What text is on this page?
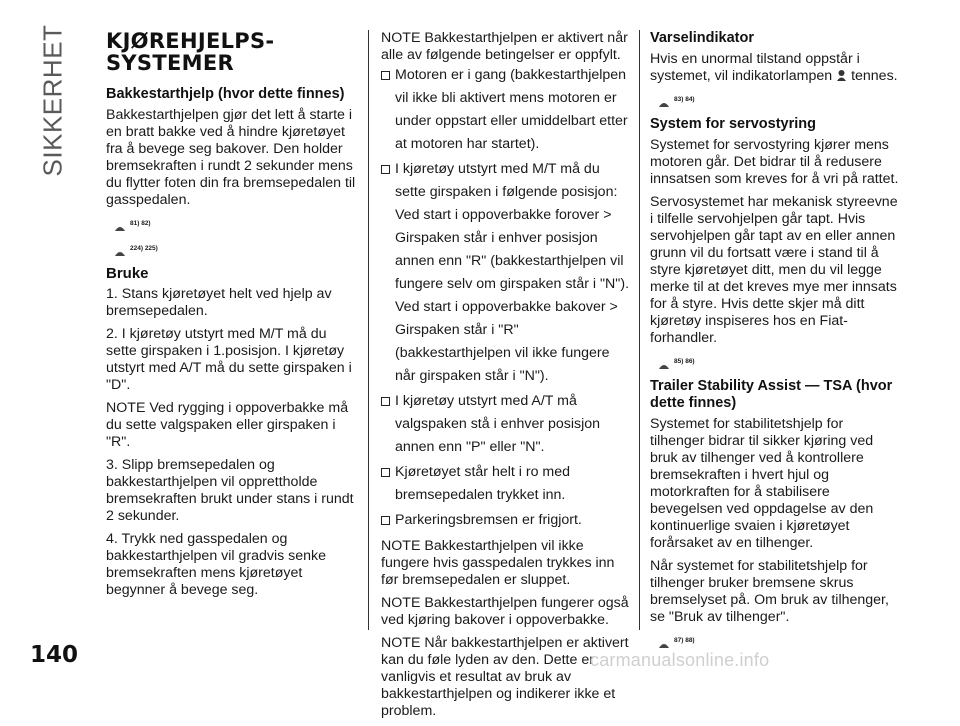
SIKKERHET KJØREHJELPS-
SYSTEMER
Bakkestarthjelp (hvor dette finnes)

Bakkestarthjelpen gjør det lett å starte i en bratt bakke ved å hindre kjøretøyet fra å bevege seg bakover. Den holder bremsekraften i rundt 2 sekunder mens du flytter foten din fra bremsepedalen til gasspedalen.

81) 82)
224) 225)
Bruke

1. Stans kjøretøyet helt ved hjelp av bremsepedalen.

2. I kjøretøy utstyrt med M/T må du sette girspaken i 1.posisjon. I kjøretøy utstyrt med A/T må du sette girspaken i "D".

NOTE Ved rygging i oppoverbakke må du sette valgspaken eller girspaken i "R".

3. Slipp bremsepedalen og bakkestarthjelpen vil opprettholde bremsekraften brukt under stans i rundt 2 sekunder.

4. Trykk ned gasspedalen og bakkestarthjelpen vil gradvis senke bremsekraften mens kjøretøyet begynner å bevege seg.

NOTE Bakkestarthjelpen er aktivert når alle av følgende betingelser er oppfylt.

Motoren er i gang (bakkestarthjelpen vil ikke bli aktivert mens motoren er under oppstart eller umiddelbart etter at motoren har startet).
I kjøretøy utstyrt med M/T må du sette girspaken i følgende posisjon: Ved start i oppoverbakke forover > Girspaken står i enhver posisjon annen enn "R" (bakkestarthjelpen vil fungere selv om girspaken står i "N"). Ved start i oppoverbakke bakover > Girspaken står i "R" (bakkestarthjelpen vil ikke fungere når girspaken står i "N").
I kjøretøy utstyrt med A/T må valgspaken stå i enhver posisjon annen enn "P" eller "N".
Kjøretøyet står helt i ro med bremsepedalen trykket inn.
Parkeringsbremsen er frigjort.

NOTE Bakkestarthjelpen vil ikke fungere hvis gasspedalen trykkes inn før bremsepedalen er sluppet.

NOTE Bakkestarthjelpen fungerer også ved kjøring bakover i oppoverbakke.

NOTE Når bakkestarthjelpen er aktivert kan du føle lyden av den. Dette er vanligvis et resultat av bruk av bakkestarthjelpen og indikerer ikke et problem.

Varselindikator

Hvis en unormal tilstand oppstår i systemet, vil indikatorlampen tennes.

83) 84)
System for servostyring

Systemet for servostyring kjører mens motoren går. Det bidrar til å redusere innsatsen som kreves for å vri på rattet.

Servosystemet har mekanisk styreevne i tilfelle servohjelpen går tapt. Hvis servohjelpen går tapt av en eller annen grunn vil du fortsatt være i stand til å styre kjøretøyet ditt, men du vil legge merke til at det kreves mye mer innsats for å styre. Hvis dette skjer må ditt kjøretøy inspiseres hos en Fiat-forhandler.

85) 86)
Trailer Stability Assist — TSA (hvor dette finnes)

Systemet for stabilitetshjelp for tilhenger bidrar til sikker kjøring ved bruk av tilhenger ved å kontrollere bremsekraften i hvert hjul og motorkraften for å stabilisere bevegelsen ved oppdagelse av den kontinuerlige svaien i kjøretøyet forårsaket av en tilhenger.

Når systemet for stabilitetshjelp for tilhenger bruker bremsene skrus bremselyset på. Om bruk av tilhenger, se "Bruk av tilhenger".

87) 88)
140	carmanualsonline.info
